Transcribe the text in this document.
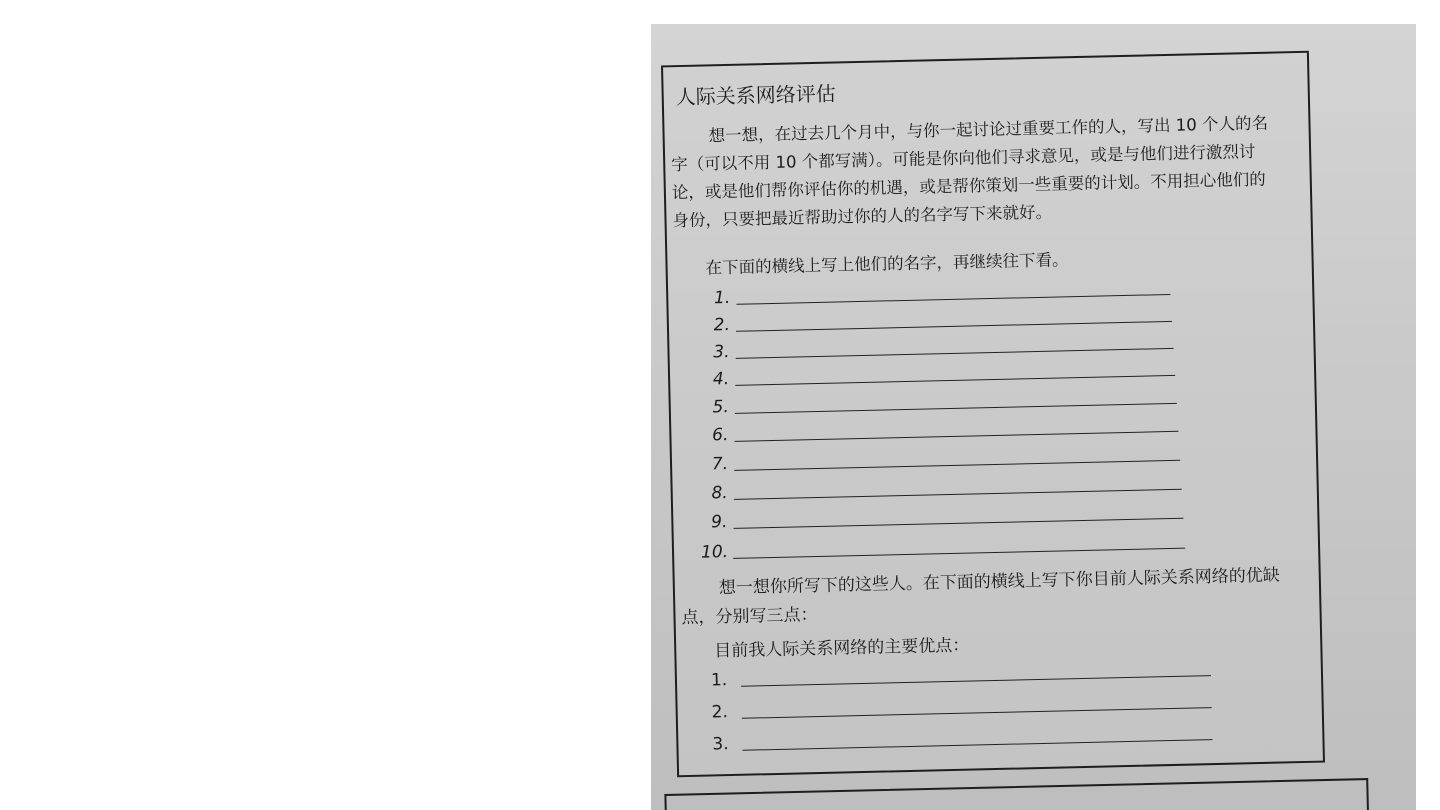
人际关系网络评估

想一想，在过去几个月中，与你一起讨论过重要工作的人，写出 10 个人的名字（可以不用 10 个都写满）。可能是你向他们寻求意见，或是与他们进行激烈讨论，或是他们帮你评估你的机遇，或是帮你策划一些重要的计划。不用担心他们的身份，只要把最近帮助过你的人的名字写下来就好。

在下面的横线上写上他们的名字，再继续往下看。
1.
2.
3.
4.
5.
6.
7.
8.
9.
10.

想一想你所写下的这些人。在下面的横线上写下你目前人际关系网络的优缺点，分别写三点：

目前我人际关系网络的主要优点：
1.
2.
3.
